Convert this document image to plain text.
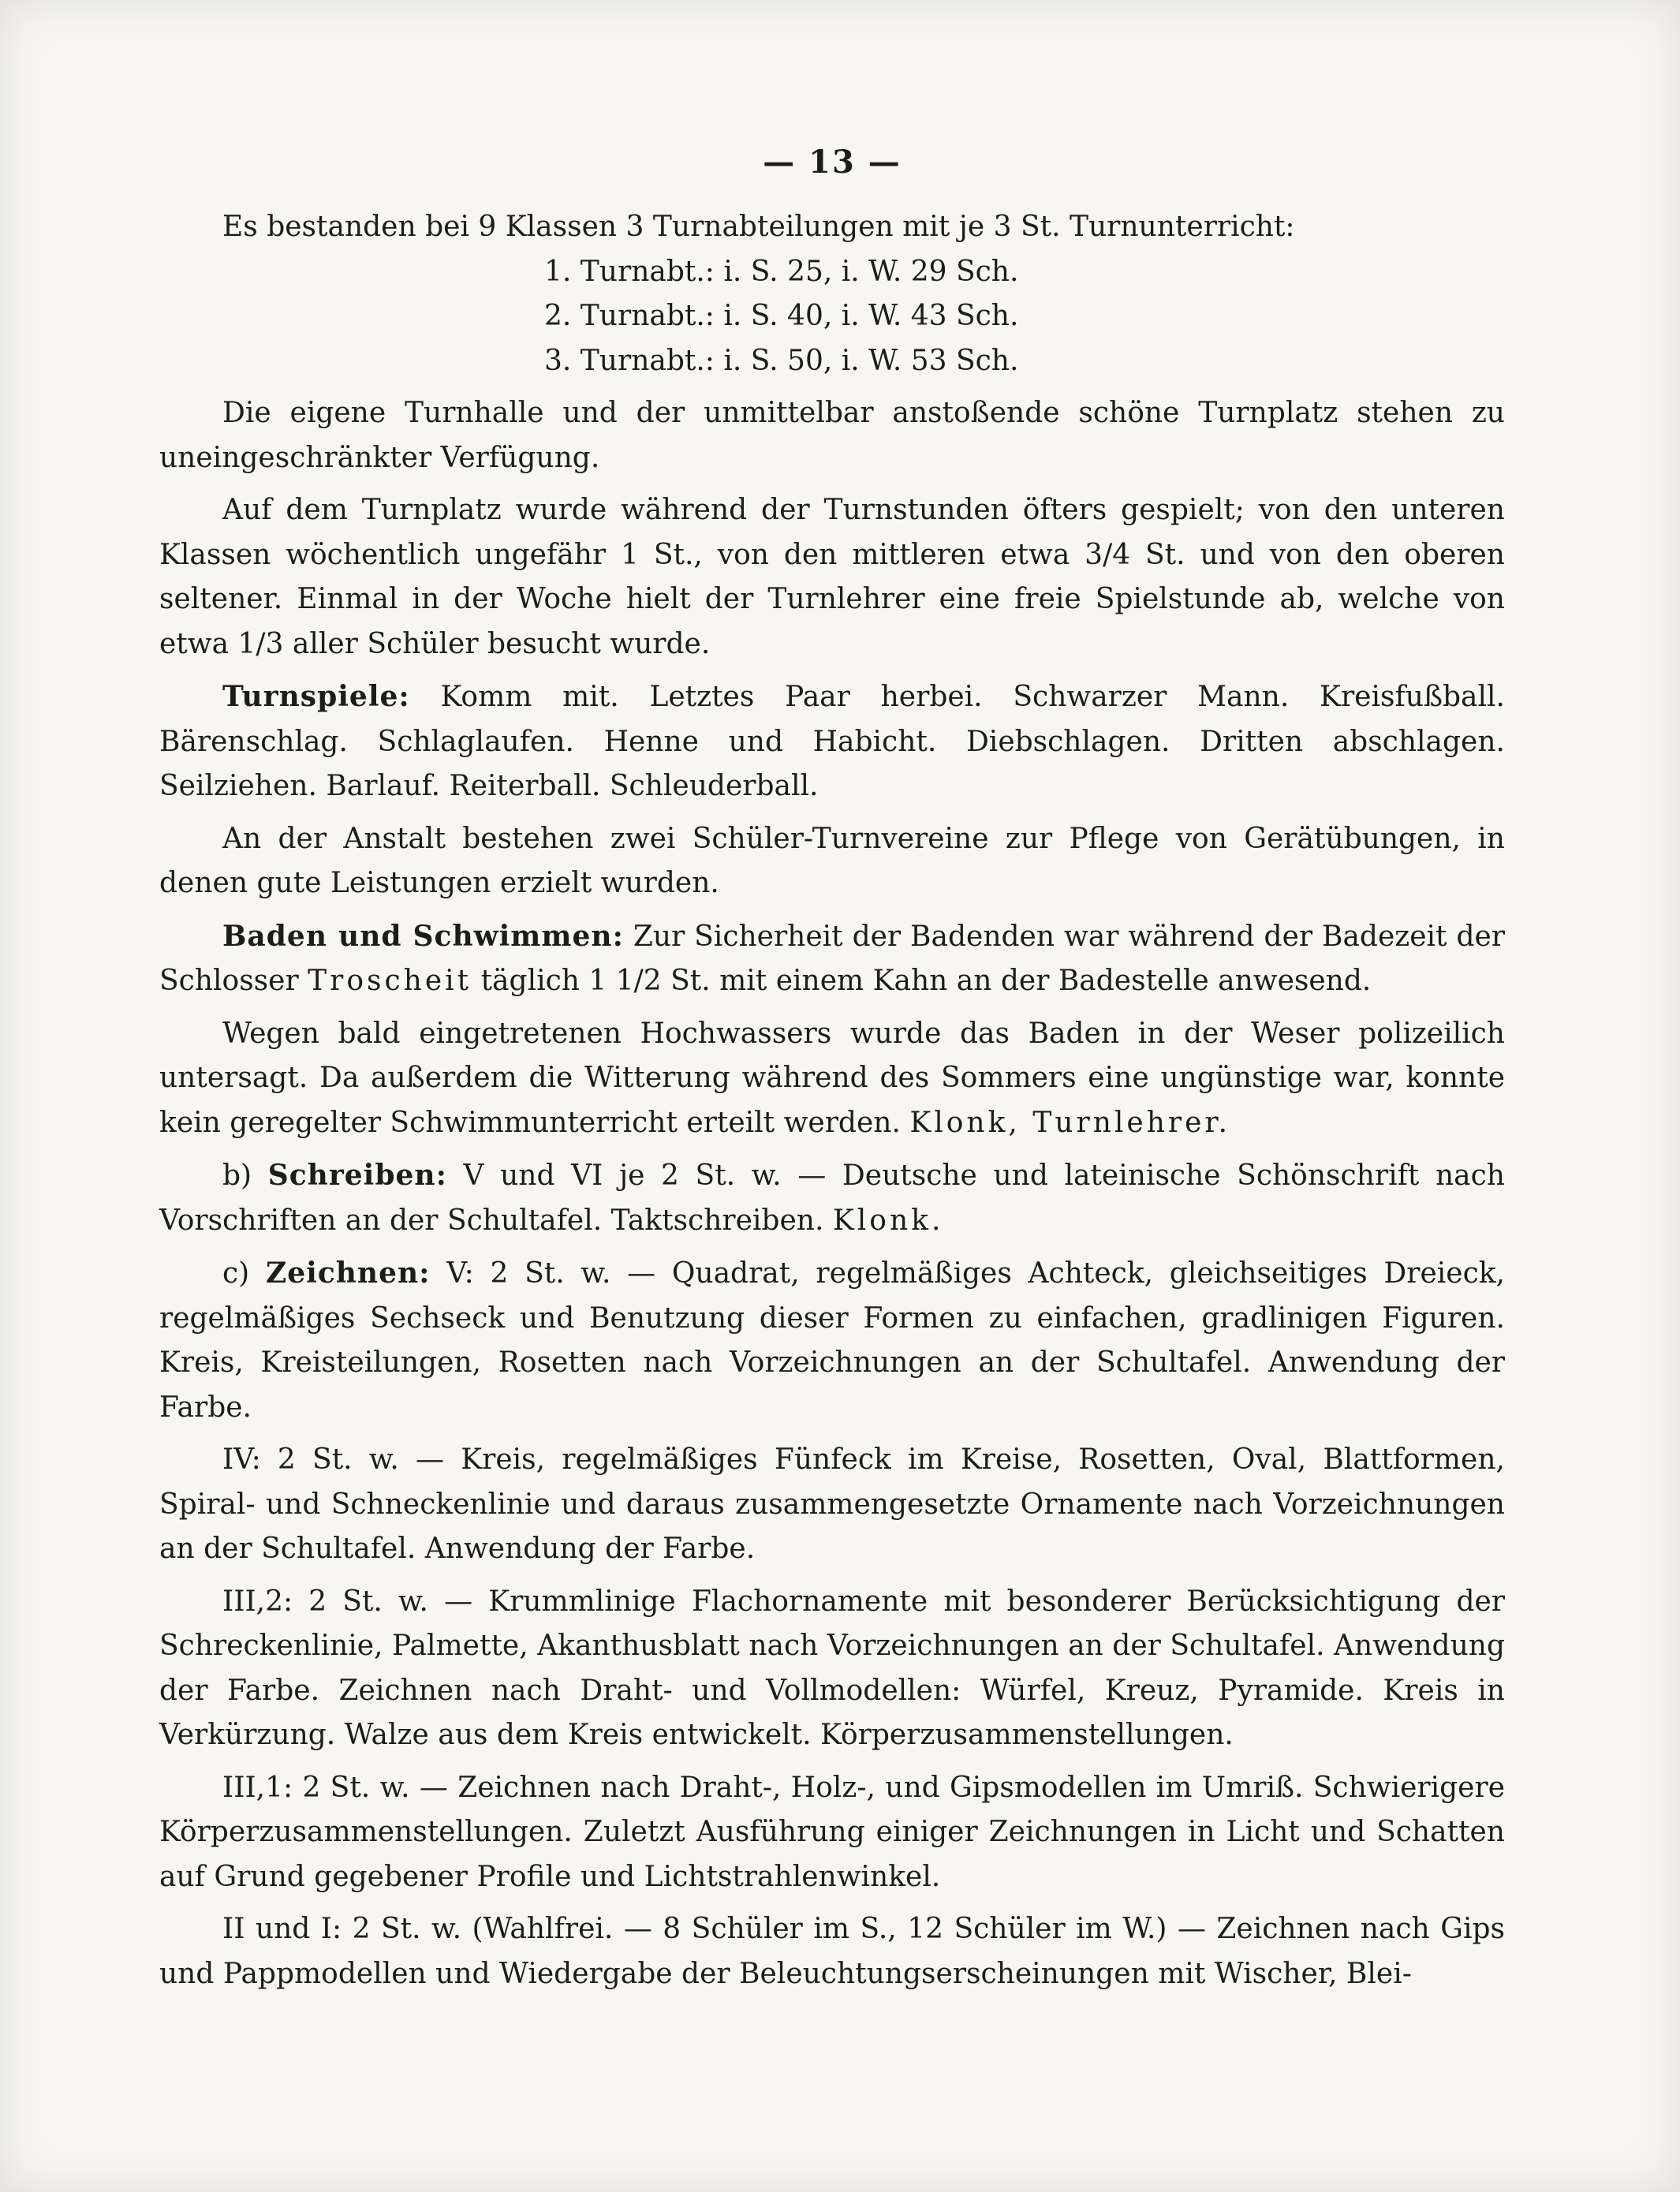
— 13 —

Es bestanden bei 9 Klassen 3 Turnabteilungen mit je 3 St. Turnunterricht:

1. Turnabt.: i. S. 25, i. W. 29 Sch.
2. Turnabt.: i. S. 40, i. W. 43 Sch.
3. Turnabt.: i. S. 50, i. W. 53 Sch.

Die eigene Turnhalle und der unmittelbar anstoßende schöne Turnplatz stehen zu uneingeschränkter Verfügung.

Auf dem Turnplatz wurde während der Turnstunden öfters gespielt; von den unteren Klassen wöchentlich ungefähr 1 St., von den mittleren etwa 3/4 St. und von den oberen seltener. Einmal in der Woche hielt der Turnlehrer eine freie Spielstunde ab, welche von etwa 1/3 aller Schüler besucht wurde.

Turnspiele: Komm mit. Letztes Paar herbei. Schwarzer Mann. Kreisfußball. Bärenschlag. Schlaglaufen. Henne und Habicht. Diebschlagen. Dritten abschlagen. Seilziehen. Barlauf. Reiterball. Schleuderball.

An der Anstalt bestehen zwei Schüler-Turnvereine zur Pflege von Gerätübungen, in denen gute Leistungen erzielt wurden.

Baden und Schwimmen: Zur Sicherheit der Badenden war während der Badezeit der Schlosser Troscheit täglich 1 1/2 St. mit einem Kahn an der Badestelle anwesend.

Wegen bald eingetretenen Hochwassers wurde das Baden in der Weser polizeilich untersagt. Da außerdem die Witterung während des Sommers eine ungünstige war, konnte kein geregelter Schwimmunterricht erteilt werden. Klonk, Turnlehrer.

b) Schreiben: V und VI je 2 St. w. — Deutsche und lateinische Schönschrift nach Vorschriften an der Schultafel. Taktschreiben. Klonk.

c) Zeichnen: V: 2 St. w. — Quadrat, regelmäßiges Achteck, gleichseitiges Dreieck, regelmäßiges Sechseck und Benutzung dieser Formen zu einfachen, gradlinigen Figuren. Kreis, Kreisteilungen, Rosetten nach Vorzeichnungen an der Schultafel. Anwendung der Farbe.

IV: 2 St. w. — Kreis, regelmäßiges Fünfeck im Kreise, Rosetten, Oval, Blattformen, Spiral- und Schneckenlinie und daraus zusammengesetzte Ornamente nach Vorzeichnungen an der Schultafel. Anwendung der Farbe.

III,2: 2 St. w. — Krummlinige Flachornamente mit besonderer Berücksichtigung der Schreckenlinie, Palmette, Akanthusblatt nach Vorzeichnungen an der Schultafel. Anwendung der Farbe. Zeichnen nach Draht- und Vollmodellen: Würfel, Kreuz, Pyramide. Kreis in Verkürzung. Walze aus dem Kreis entwickelt. Körperzusammenstellungen.

III,1: 2 St. w. — Zeichnen nach Draht-, Holz-, und Gipsmodellen im Umriß. Schwierigere Körperzusammenstellungen. Zuletzt Ausführung einiger Zeichnungen in Licht und Schatten auf Grund gegebener Profile und Lichtstrahlenwinkel.

II und I: 2 St. w. (Wahlfrei. — 8 Schüler im S., 12 Schüler im W.) — Zeichnen nach Gips und Pappmodellen und Wiedergabe der Beleuchtungserscheinungen mit Wischer, Blei-
